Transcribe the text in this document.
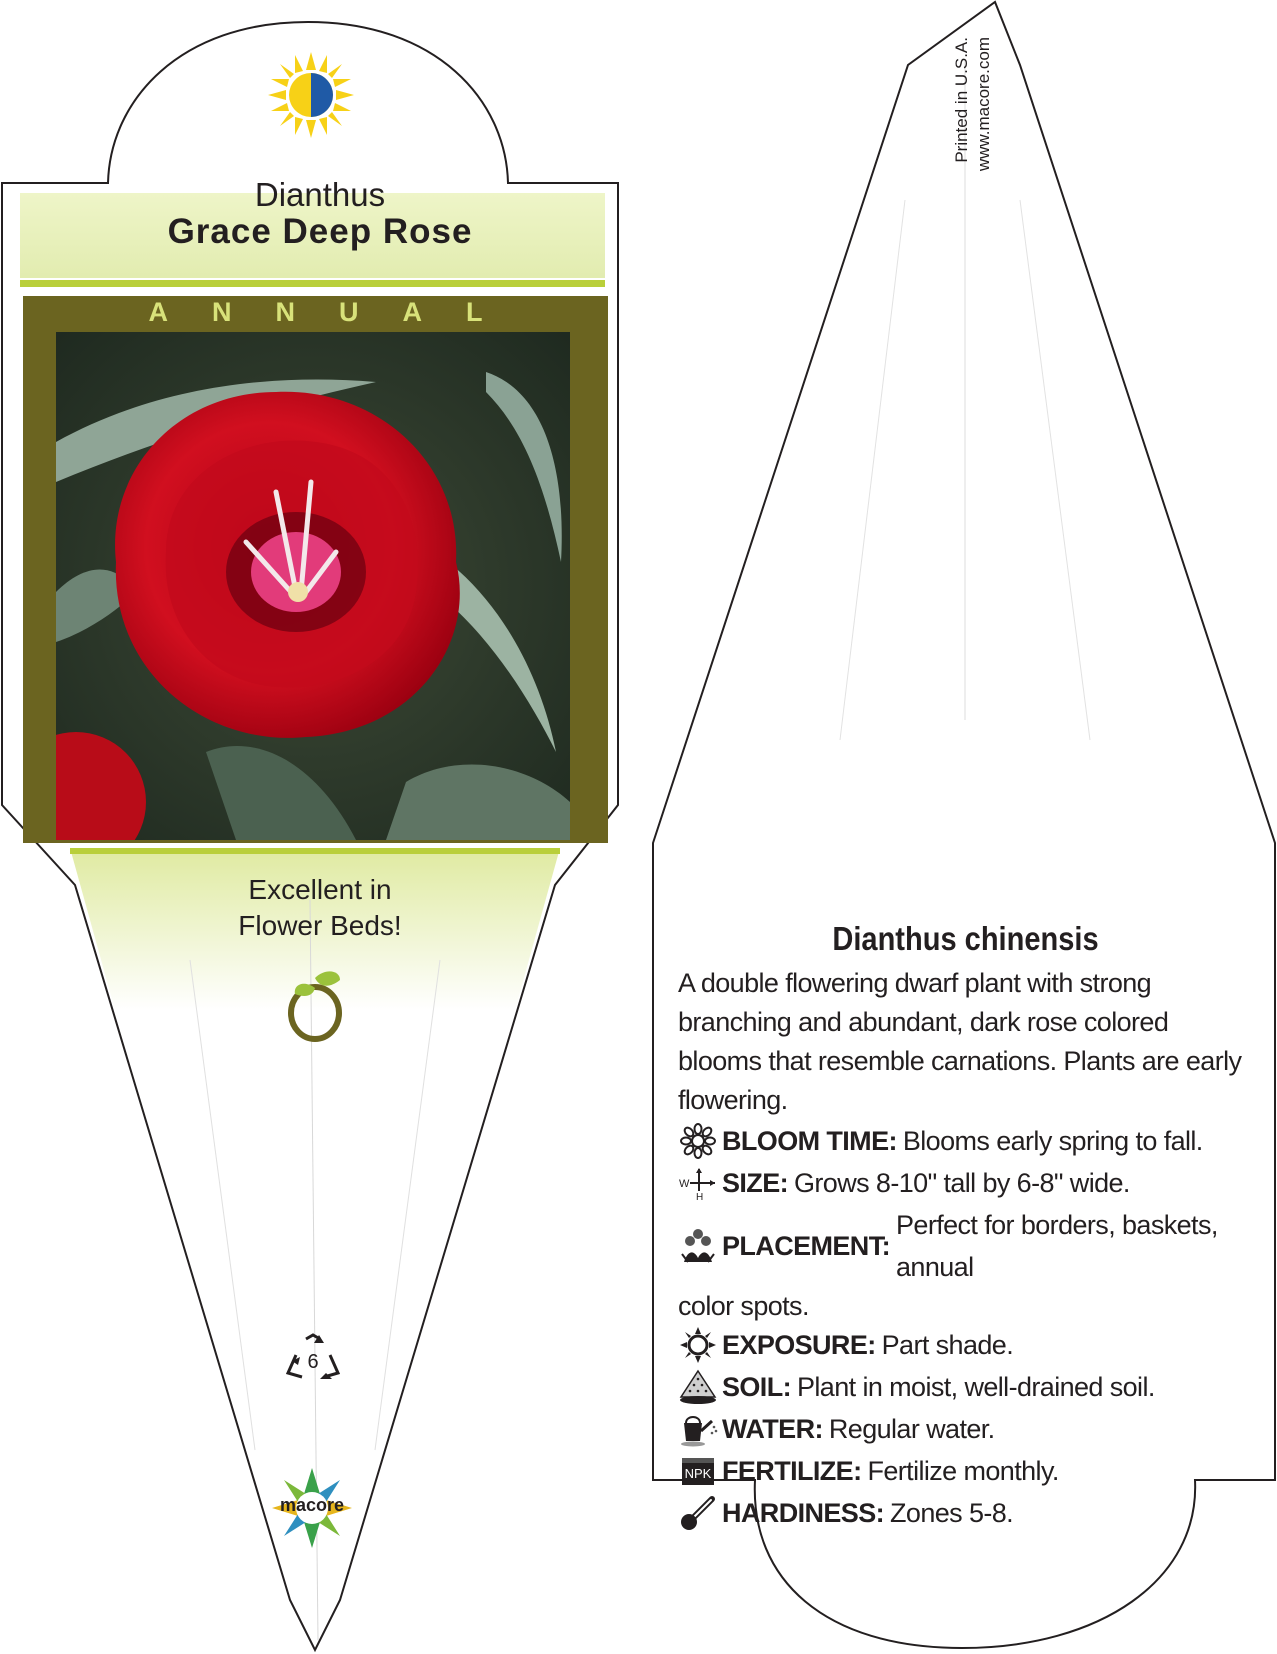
Dianthus
Grace Deep Rose
ANNUAL
Excellent in
Flower Beds!
6
macore
Printed in U.S.A. www.macore.com
Dianthus chinensis
A double flowering dwarf plant with strong branching and abundant, dark rose colored blooms that resemble carnations. Plants are early flowering.
BLOOM TIME: Blooms early spring to fall.
W
H SIZE: Grows 8-10" tall by 6-8" wide.
PLACEMENT:
Perfect for borders, baskets, annual
color spots.
EXPOSURE: Part shade.
SOIL: Plant in moist, well-drained soil.
WATER: Regular water.
NPK FERTILIZE: Fertilize monthly.
HARDINESS: Zones 5-8.
